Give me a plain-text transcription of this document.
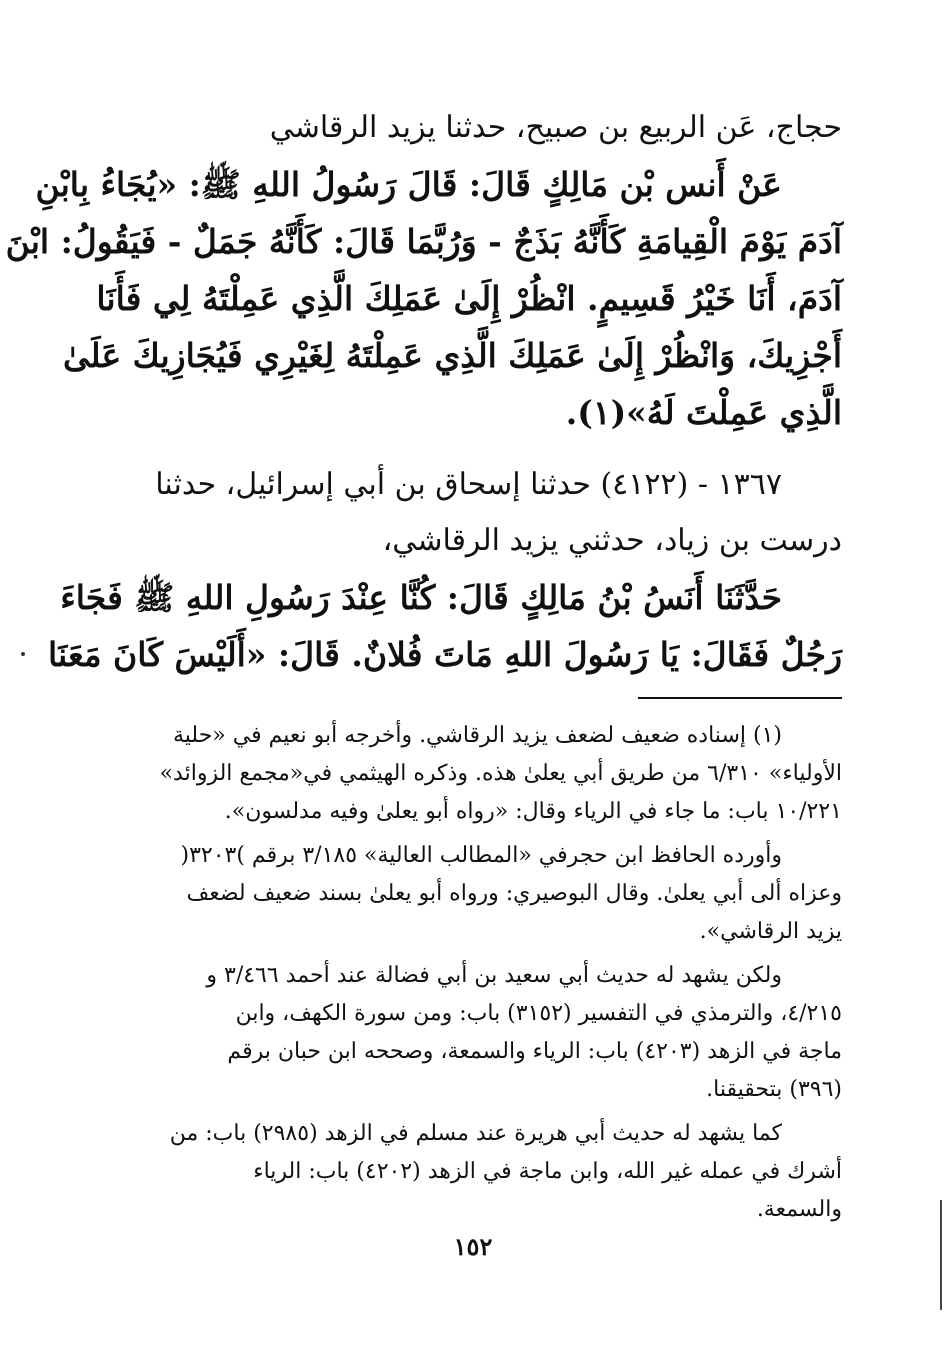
حجاج، عَن الربيع بن صبيح، حدثنا يزيد الرقاشي
عَنْ أَنس بْن مَالِكٍ قَالَ: قَالَ رَسُولُ اللهِ ﷺ: «يُجَاءُ بِابْنِ
آدَمَ يَوْمَ الْقِيامَةِ كَأَنَّهُ بَذَجٌ - وَرُبَّمَا قَالَ: كَأَنَّهُ جَمَلٌ - فَيَقُولُ: ابْنَ
آدَمَ، أَنَا خَيْرُ قَسِيمٍ. انْظُرْ إِلَىٰ عَمَلِكَ الَّذِي عَمِلْتَهُ لِي فَأَنَا
أَجْزِيكَ، وَانْظُرْ إِلَىٰ عَمَلِكَ الَّذِي عَمِلْتَهُ لِغَيْرِي فَيُجَازِيكَ عَلَىٰ
الَّذِي عَمِلْتَ لَهُ»(١).
١٣٦٧ - (٤١٢٢) حدثنا إسحاق بن أبي إسرائيل، حدثنا
درست بن زياد، حدثني يزيد الرقاشي،
حَدَّثَنَا أَنَسُ بْنُ مَالِكٍ قَالَ: كُنَّا عِنْدَ رَسُولِ اللهِ ﷺ فَجَاءَ
رَجُلٌ فَقَالَ: يَا رَسُولَ اللهِ مَاتَ فُلانٌ. قَالَ: «أَلَيْسَ كَانَ مَعَنَا
(١) إسناده ضعيف لضعف يزيد الرقاشي. وأخرجه أبو نعيم في «حلية
الأولياء» ٦/٣١٠ من طريق أبي يعلىٰ هذه. وذكره الهيثمي في«مجمع الزوائد»
١٠/٢٢١ باب: ما جاء في الرياء وقال: «رواه أبو يعلىٰ وفيه مدلسون».
وأورده الحافظ ابن حجرفي «المطالب العالية» ٣/١٨٥ برقم )٣٢٠٣(
وعزاه ألى أبي يعلىٰ. وقال البوصيري: ورواه أبو يعلىٰ بسند ضعيف لضعف
يزيد الرقاشي».
ولكن يشهد له حديث أبي سعيد بن أبي فضالة عند أحمد ٣/٤٦٦ و
٤/٢١٥، والترمذي في التفسير (٣١٥٢) باب: ومن سورة الكهف، وابن
ماجة في الزهد (٤٢٠٣) باب: الرياء والسمعة، وصححه ابن حبان برقم
(٣٩٦) بتحقيقنا.
كما يشهد له حديث أبي هريرة عند مسلم في الزهد (٢٩٨٥) باب: من
أشرك في عمله غير الله، وابن ماجة في الزهد (٤٢٠٢) باب: الرياء
والسمعة.
١٥٢
